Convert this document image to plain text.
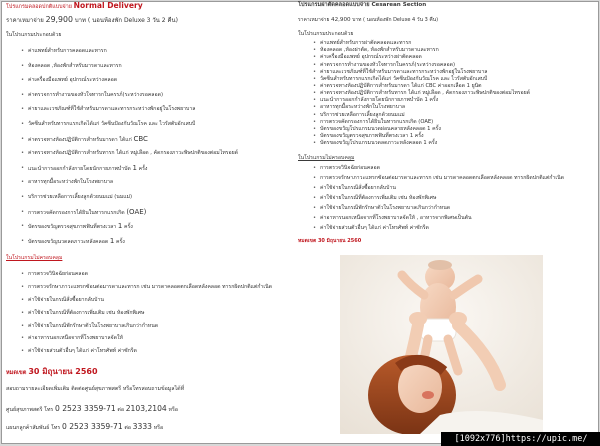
โปรแกรมคลอดปกติแบบจ่าย Normal Delivery
ราคาเหมาจ่าย 29,900 บาท ( นอนห้องพัก Deluxe 3 วัน 2 คืน)
ในโปรแกรมประกอบด้วย
• ค่าแพทย์สำหรับการคลอดและทารก
• ห้องคลอด ,ห้องพักสำหรับมารดาและทารก
• ค่าเครื่องมือแพทย์ อุปกรณ์ระหว่างคลอด
• ค่าตรวจการทำงานของหัวใจทารกในครรภ์(ระหว่างรอคลอด)
• ค่ายาและเวชภัณฑ์ที่ใช้สำหรับมารดาและทารกระหว่างพักอยู่ในโรงพยาบาล
• วัคซีนสำหรับทารกแรกเกิดได้แก่ วัคซีนป้องกันวัณโรค และ ไวรัสตับอักเสบบี
• ค่าตรวจทางห้องปฏิบัติการสำหรับมารดา ได้แก่ CBC
• ค่าตรวจทางห้องปฏิบัติการสำหรับทารก ได้แก่ หมู่เลือด , คัดกรองภาวะพิษปกติของต่อมไทรอยด์
• แนะนำการออกกำลังกายโดยนักกายภาพบำบัด 1 ครั้ง
• อาหารทุกมื้อระหว่างพักในโรงพยาบาล
• บริการช่วยเหลือการเลี้ยงลูกด้วยนมแม่ (นมแม่)
• การตรวจคัดกรองการได้ยินในทารกแรกเกิด (OAE)
• บัตรของขวัญตรวจสุขภาพฟันที่ตรงเวลา 1 ครั้ง
• บัตรของขวัญนวดลดภาวะหลังคลอด 1 ครั้ง
ในโปรแกรมไม่ครอบคลุม
• การตรวจวินิจฉัยก่อนคลอด
• การตรวจรักษาภาวะแทรกซ้อนต่อมารดาและทารก เช่น มารดาคลอดตกเลือดหลังคลอด ทารกผิดปกติแต่กำเนิด
• ค่าใช้จ่ายในกรณีสั่งซื้อยากลับบ้าน
• ค่าใช้จ่ายในกรณีที่ต้องการเพิ่มเติม เช่น ห้องพักพิเศษ
• ค่าใช้จ่ายในกรณีพักรักษาตัวในโรงพยาบาลเกินกว่ากำหนด
• ค่าอาหารนอกเหนือจากที่โรงพยาบาลจัดให้
• ค่าใช้จ่ายส่วนตัวอื่นๆ ได้แก่ ค่าโทรศัพท์ ค่าซักรีด
หมดเขต 30 มิถุนายน 2560
สอบถามรายละเอียดเพิ่มเติม ติดต่อศูนย์สุขภาพสตรี หรือโทรสอบถามข้อมูลได้ที่
ศูนย์สุขภาพสตรี โทร 0 2523 3359-71 ต่อ 2103,2104 หรือ
แผนกลูกค้าสัมพันธ์ โทร 0 2523 3359-71 ต่อ 3333 หรือ
โปรแกรมผ่าตัดคลอดแบบจ่าย Cesarean Section
ราคาเหมาจ่าย 42,900 บาท ( นอนห้องพัก Deluxe 4 วัน 3 คืน)
ในโปรแกรมประกอบด้วย
• ค่าแพทย์สำหรับการผ่าตัดคลอดและทารก
• ห้องคลอด ,ห้องผ่าตัด, ห้องพักสำหรับมารดาและทารก
• ค่าเครื่องมือแพทย์ อุปกรณ์ระหว่างผ่าตัดคลอด
• ค่าตรวจการทำงานของหัวใจทารกในครรภ์(ระหว่างรอคลอด)
• ค่ายาและเวชภัณฑ์ที่ใช้สำหรับมารดาและทารกระหว่างพักอยู่ในโรงพยาบาล
• วัคซีนสำหรับทารกแรกเกิดได้แก่ วัคซีนป้องกันวัณโรค และ ไวรัสตับอักเสบบี
• ค่าตรวจทางห้องปฏิบัติการสำหรับมารดา ได้แก่ CBC ค่าออกเลือด 1 ยูนิต
• ค่าตรวจทางห้องปฏิบัติการสำหรับทารก ได้แก่ หมู่เลือด , คัดกรองภาวะพิษปกติของต่อมไทรอยด์
• แนะนำการออกกำลังกายโดยนักกายภาพบำบัด 1 ครั้ง
• อาหารทุกมื้อระหว่างพักในโรงพยาบาล
• บริการช่วยเหลือการเลี้ยงลูกด้วยนมแม่
• การตรวจคัดกรองการได้ยินในทารกแรกเกิด (OAE)
• บัตรของขวัญโปรแกรมนวดผ่อนคลายหลังคลอด 1 ครั้ง
• บัตรของขวัญตรวจสุขภาพฟันที่ตรงเวลา 1 ครั้ง
• บัตรของขวัญโปรแกรมนวดลดภาวะหลังคลอด 1 ครั้ง
ในโปรแกรมไม่ครอบคลุม
• การตรวจวินิจฉัยก่อนคลอด
• การตรวจรักษาภาวะแทรกซ้อนต่อมารดาและทารก เช่น มารดาคลอดตกเลือดหลังคลอด ทารกผิดปกติแต่กำเนิด
• ค่าใช้จ่ายในกรณีสั่งซื้อยากลับบ้าน
• ค่าใช้จ่ายในกรณีที่ต้องการเพิ่มเติม เช่น ห้องพักพิเศษ
• ค่าใช้จ่ายในกรณีพักรักษาตัวในโรงพยาบาลเกินกว่ากำหนด
• ค่าอาหารนอกเหนือจากที่โรงพยาบาลจัดให้ , อาหารจากพิเศษเป็นต้น
• ค่าใช้จ่ายส่วนตัวอื่นๆ ได้แก่ ค่าโทรศัพท์ ค่าซักรีด
หมดเขต 30 มิถุนายน 2560
[1092x776]https://upic.me/
